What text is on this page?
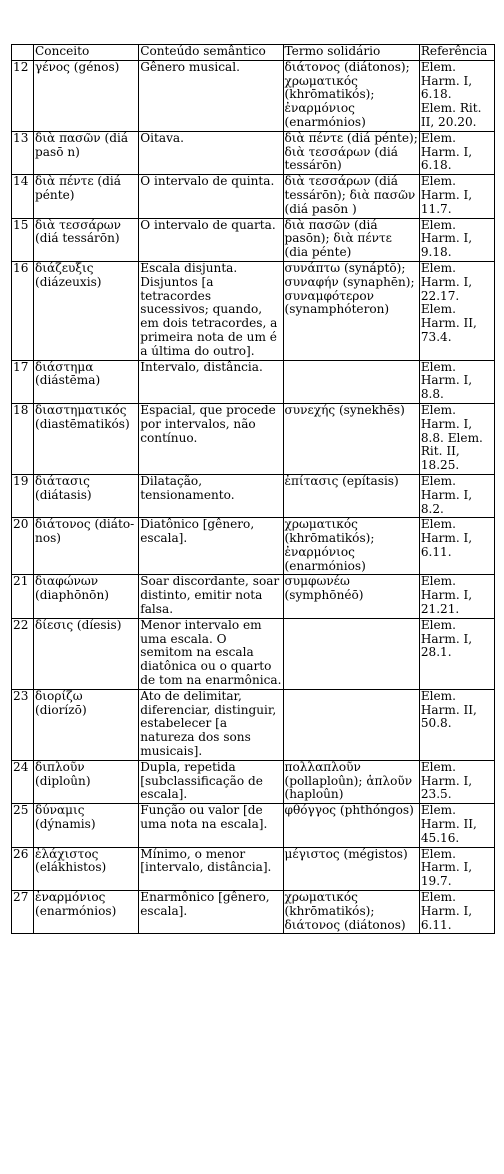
	Conceito	Conteúdo semântico	Termo solidário	Referência
12	γένος (génos)	Gênero musical.	διάτονος (diátonos); χρωματικός (khrōmatikós); ἐναρμόνιος (enarmónios)	Elem. Harm. I, 6.18.
Elem. Rit. II, 20.20.
13	διὰ πασῶν (diá pasō n)	Oitava.	διὰ πέντε (diá pénte); διὰ τεσσάρων (diá tessárōn)	Elem. Harm. I, 6.18.
14	διὰ πέντε (diá pénte)	O intervalo de quinta.	διὰ τεσσάρων (diá tessárōn); διὰ πασῶν (diá pasōn )	Elem. Harm. I, 11.7.
15	διὰ τεσσάρων (diá tessárōn)	O intervalo de quarta.	διὰ πασῶν (diá pasōn); διὰ πέντε (dia pénte)	Elem. Harm. I, 9.18.
16	διάζευξις (diázeuxis)	Escala disjunta. Disjuntos [a tetracordes sucessivos; quando, em dois tetracordes, a primeira nota de um é a última do outro].	συνάπτω (synáptō); συναφήν (synaphēn); συναμφότερον (synamphóteron)	Elem. Harm. I, 22.17.
Elem. Harm. II, 73.4.
17	διάστημα (diástēma)	Intervalo, distância.		Elem. Harm. I, 8.8.
18	διαστηματικός (diastēmatikós)	Espacial, que procede por intervalos, não contínuo.	συνεχής (synekhēs)	Elem. Harm. I, 8.8. Elem. Rit. II, 18.25.
19	διάτασις (diátasis)	Dilatação, tensionamento.	ἐπίτασις (epítasis)	Elem. Harm. I, 8.2.
20	διάτονος (diáto- nos)	Diatônico [gênero, escala].	χρωματικός (khrōmatikós); ἐναρμόνιος (enarmónios)	Elem. Harm. I, 6.11.
21	διαφώνων (diaphōnōn)	Soar discordante, soar distinto, emitir nota falsa.	συμφωνέω (symphōnéō)	Elem. Harm. I, 21.21.
22	δίεσις (díesis)	Menor intervalo em uma escala. O semitom na escala diatônica ou o quarto de tom na enarmônica.		Elem. Harm. I, 28.1.
23	διορίζω (diorízō)	Ato de delimitar, diferenciar, distinguir, estabelecer [a natureza dos sons musicais].		Elem. Harm. II, 50.8.
24	διπλοῦν (diploûn)	Dupla, repetida [subclassificação de escala].	πολλαπλοῦν (pollaploûn); ἁπλοῦν (haploûn)	Elem. Harm. I, 23.5.
25	δύναμις (dýnamis)	Função ou valor [de uma nota na escala].	φθόγγος (phthóngos)	Elem. Harm. II, 45.16.
26	ἐλάχιστος (elákhistos)	Mínimo, o menor [intervalo, distância].	μέγιστος (mégistos)	Elem. Harm. I, 19.7.
27	ἐναρμόνιος (enarmónios)	Enarmônico [gênero, escala].	χρωματικός (khrōmatikós); διάτονος (diátonos)	Elem. Harm. I, 6.11.
